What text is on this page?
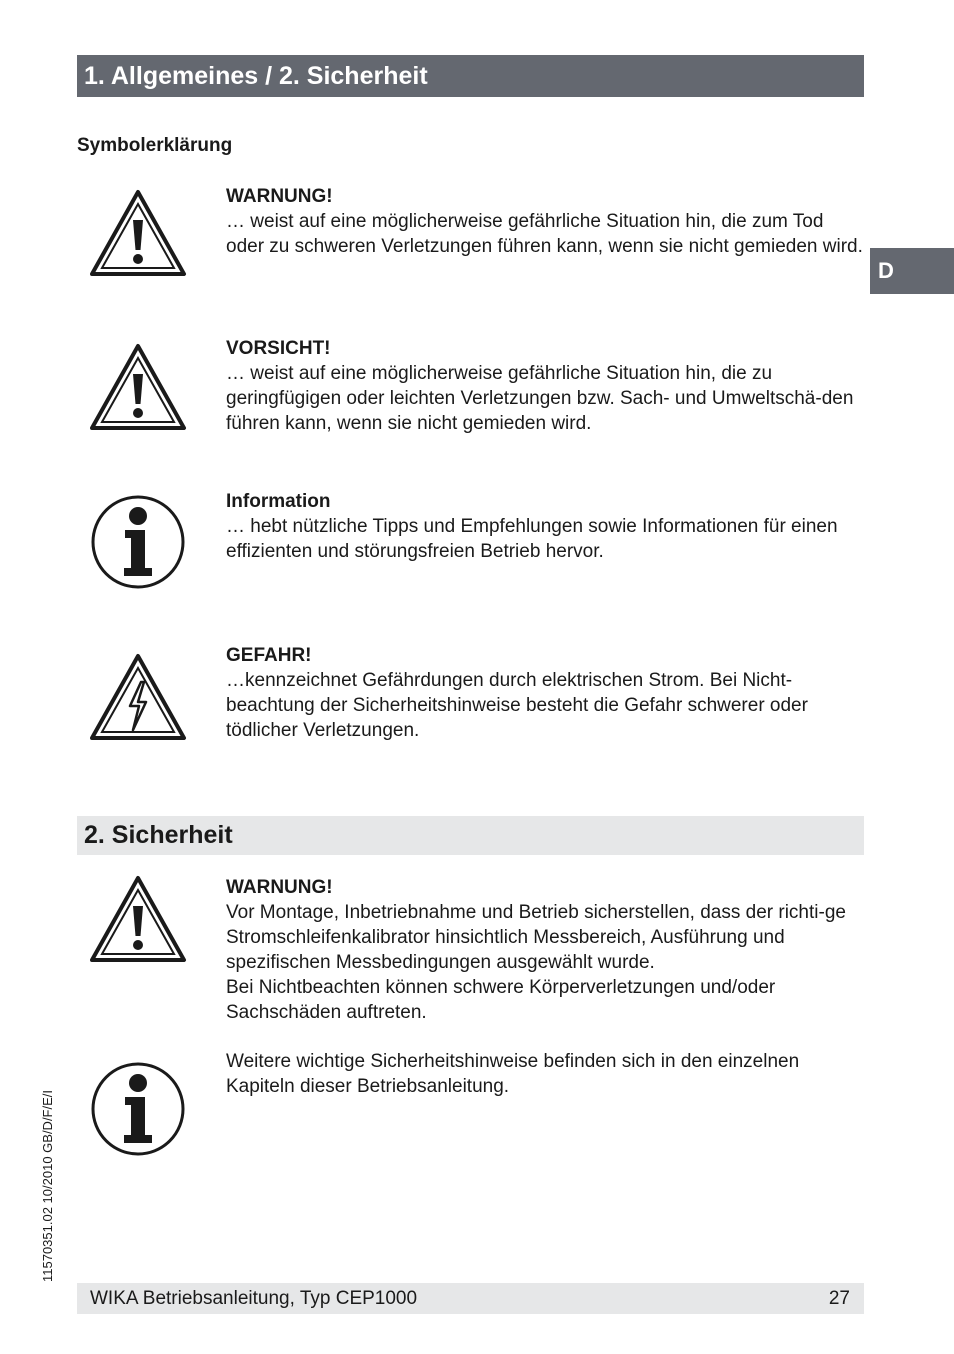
1. Allgemeines / 2. Sicherheit
D
Symbolerklärung
WARNUNG!
… weist auf eine möglicherweise gefährliche Situation hin, die zum Tod oder zu schweren Verletzungen führen kann, wenn sie nicht gemieden wird.
VORSICHT!
… weist auf eine möglicherweise gefährliche Situation hin, die zu geringfügigen oder leichten Verletzungen bzw. Sach- und Umweltschä-den führen kann, wenn sie nicht gemieden wird.
Information
… hebt nützliche Tipps und Empfehlungen sowie Informationen für einen effizienten und störungsfreien Betrieb hervor.
GEFAHR!
…kennzeichnet Gefährdungen durch elektrischen Strom. Bei Nicht-beachtung der Sicherheitshinweise besteht die Gefahr schwerer oder tödlicher Verletzungen.
2. Sicherheit
WARNUNG!
Vor Montage, Inbetriebnahme und Betrieb sicherstellen, dass der richti-ge Stromschleifenkalibrator hinsichtlich Messbereich, Ausführung und spezifischen Messbedingungen ausgewählt wurde.
Bei Nichtbeachten können schwere Körperverletzungen und/oder Sachschäden auftreten.
Weitere wichtige Sicherheitshinweise befinden sich in den einzelnen Kapiteln dieser Betriebsanleitung.
11570351.02 10/2010 GB/D/F/E/I
WIKA Betriebsanleitung, Typ CEP1000	27
